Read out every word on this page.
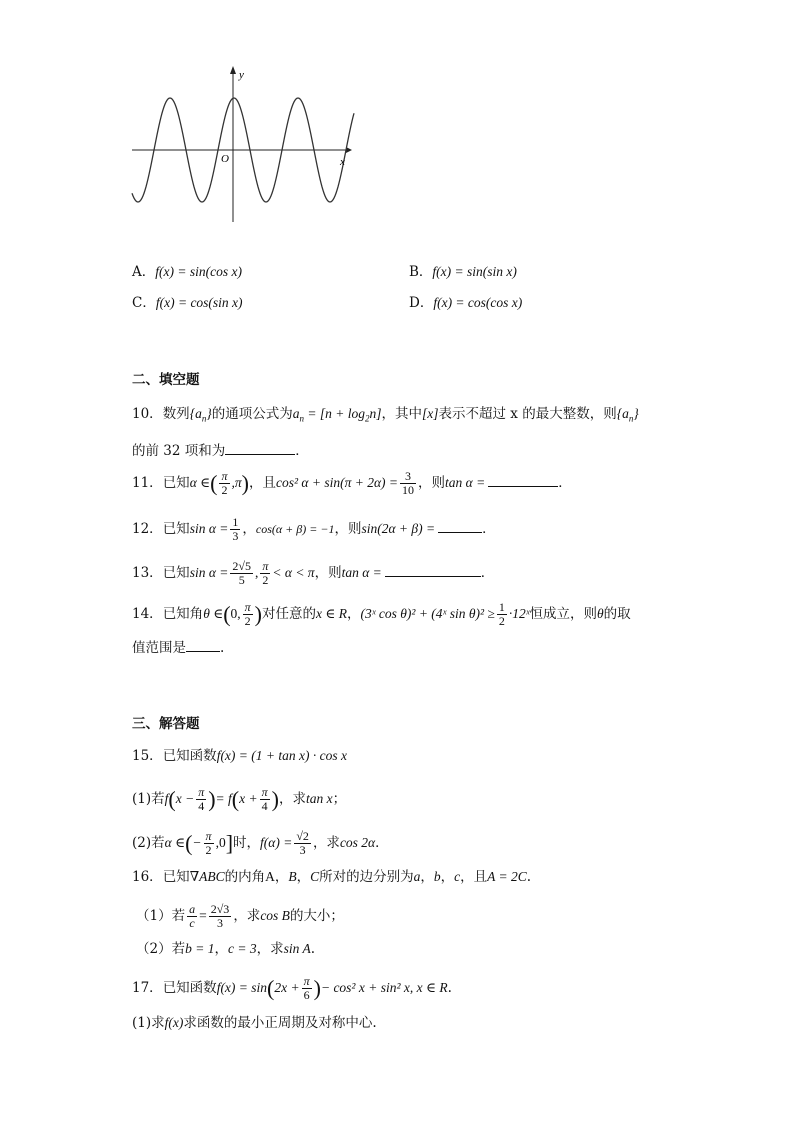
y
x
O
A．f(x) = sin(cos x)	B．f(x) = sin(sin x)
C．f(x) = cos(sin x)	D．f(x) = cos(cos x)
二、填空题
10．数列$\{a_n\}$的通项公式为$a_n = [n + \log_2n]$，其中[x]表示不超过 x 的最大整数，则$\{a_n\}$
的前 32 项和为	．
11．已知α ∈( $\frac{\pi}{2} ,\pi$)，且cos² $\alpha + \sin(\pi + 2\alpha) = \frac{3}{10}$ ，则tan α =	．
12．已知$\sin \alpha = \frac{1}{3}$ ，cos(α + β) = −1，则sin(2α + β) =	．
13．已知$\sin \alpha = \frac{2√5}{5}$ , $\frac{\pi}{2} < \alpha < \pi$，则tan α =	．
14．已知角θ ∈(0, $\frac{\pi}{2}$ )对任意的x ∈ R，(3ˣ cos θ)² + (4ˣ $\sin \theta)^2 \ge \frac{1}{2}$ ·12ˣ恒成立，则θ的取
值范围是	.
三、解答题
15．已知函数f(x) = (1 + tan x) · cos x
(1)若$f(x - \frac{\pi}{4}$ )= $f(x + \frac{\pi}{4}$ )，求tan x；
(2)若α ∈(− $\frac{\pi}{2} ,0$]时，$f(\alpha) = \frac{√2}{3}$ ，求cos 2α．
16．已知∇ABC的内角A，B，C所对的边分别为a，b，c，且A = 2C.
（1）若 $\frac{a}{c} = \frac{2√3}{3}$ ，求cos B的大小；
（2）若b = 1，c = 3，求sin A.
17．已知函数$f(x) = \sin(2x + \frac{\pi}{6}$ )− cos² x + sin² x, x ∈ R.
(1)求f(x)求函数的最小正周期及对称中心.
